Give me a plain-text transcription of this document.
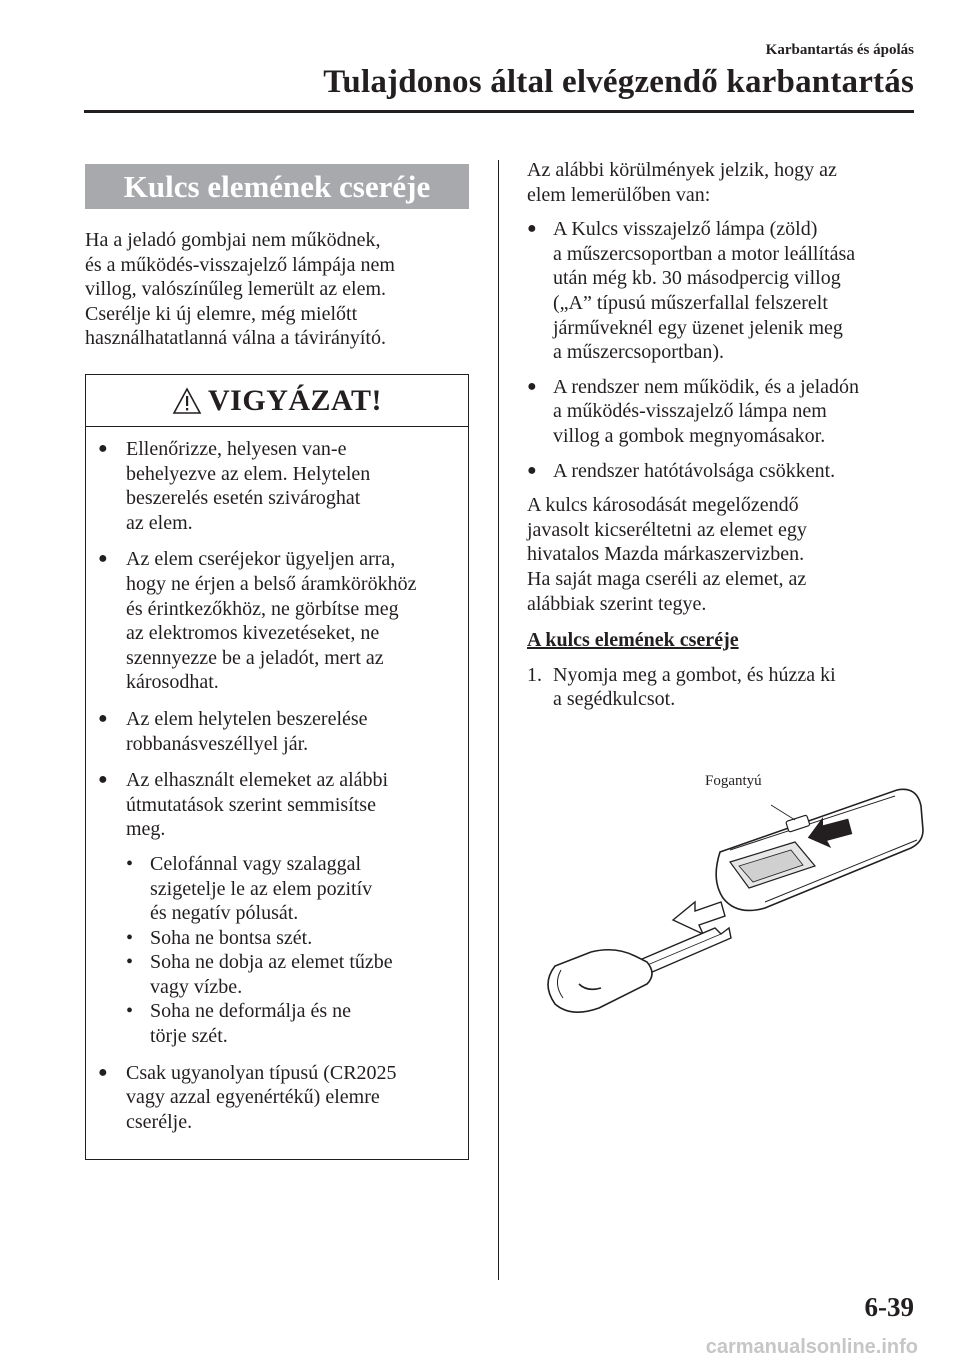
Karbantartás és ápolás
Tulajdonos által elvégzendő karbantartás
Kulcs elemének cseréje

Ha a jeladó gombjai nem működnek,
és a működés-visszajelző lámpája nem
villog, valószínűleg lemerült az elem.
Cserélje ki új elemre, még mielőtt
használhatatlanná válna a távirányító.

VIGYÁZAT!
● Ellenőrizze, helyesen van-e
behelyezve az elem. Helytelen
beszerelés esetén szivároghat
az elem.
● Az elem cseréjekor ügyeljen arra,
hogy ne érjen a belső áramkörökhöz
és érintkezőkhöz, ne görbítse meg
az elektromos kivezetéseket, ne
szennyezze be a jeladót, mert az
károsodhat.
● Az elem helytelen beszerelése
robbanásveszéllyel jár.
● Az elhasznált elemeket az alábbi
útmutatások szerint semmisítse
meg.
• Celofánnal vagy szalaggal
szigetelje le az elem pozitív
és negatív pólusát.
• Soha ne bontsa szét.
• Soha ne dobja az elemet tűzbe
vagy vízbe.
• Soha ne deformálja és ne
törje szét.
● Csak ugyanolyan típusú (CR2025
vagy azzal egyenértékű) elemre
cserélje.
Az alábbi körülmények jelzik, hogy az
elem lemerülőben van:
● A Kulcs visszajelző lámpa (zöld)
a műszercsoportban a motor leállítása
után még kb. 30 másodpercig villog
(„A” típusú műszerfallal felszerelt
járműveknél egy üzenet jelenik meg
a műszercsoportban).
● A rendszer nem működik, és a jeladón
a működés-visszajelző lámpa nem
villog a gombok megnyomásakor.
● A rendszer hatótávolsága csökkent.
A kulcs károsodását megelőzendő
javasolt kicseréltetni az elemet egy
hivatalos Mazda márkaszervizben.
Ha saját maga cseréli az elemet, az
alábbiak szerint tegye.
A kulcs elemének cseréje
1. Nyomja meg a gombot, és húzza ki
a segédkulcsot.
Fogantyú
6-39
carmanualsonline.info
